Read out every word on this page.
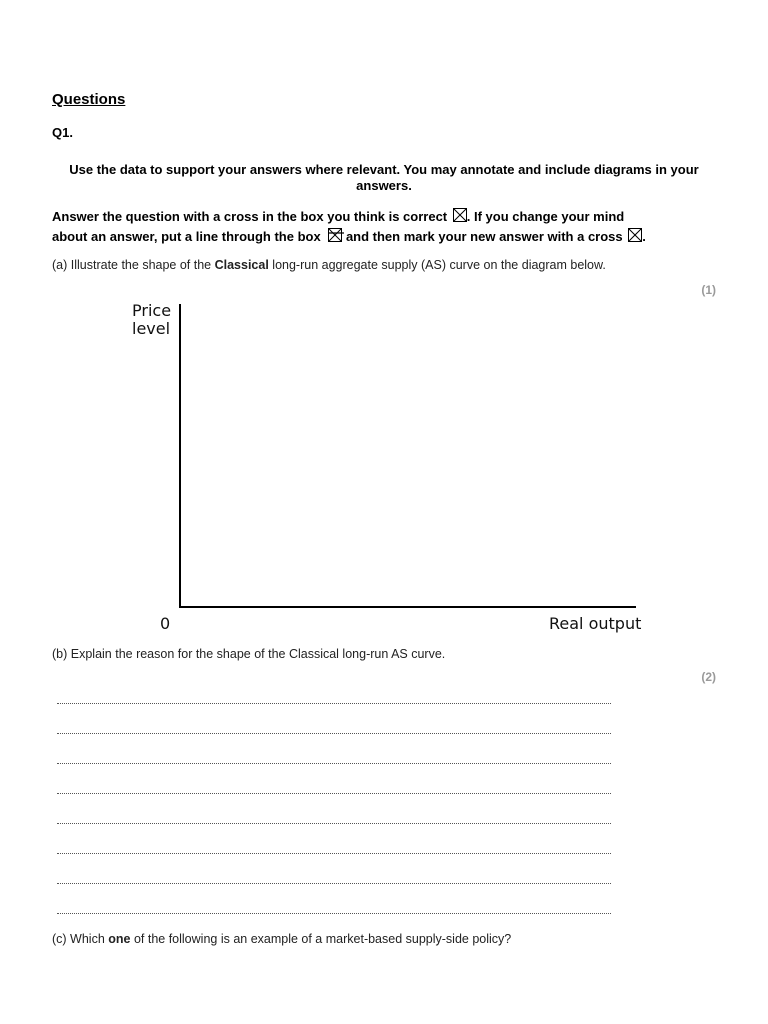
Questions
Q1.
Use the data to support your answers where relevant. You may annotate and include diagrams in your answers.
Answer the question with a cross in the box you think is correct ☒. If you change your mind
about an answer, put a line through the box and then mark your new answer with a cross ☒.
(a) Illustrate the shape of the Classical long-run aggregate supply (AS) curve on the diagram below.
(1)
Price
level
0	Real output
(b) Explain the reason for the shape of the Classical long-run AS curve.
(2)
(c) Which one of the following is an example of a market-based supply-side policy?
